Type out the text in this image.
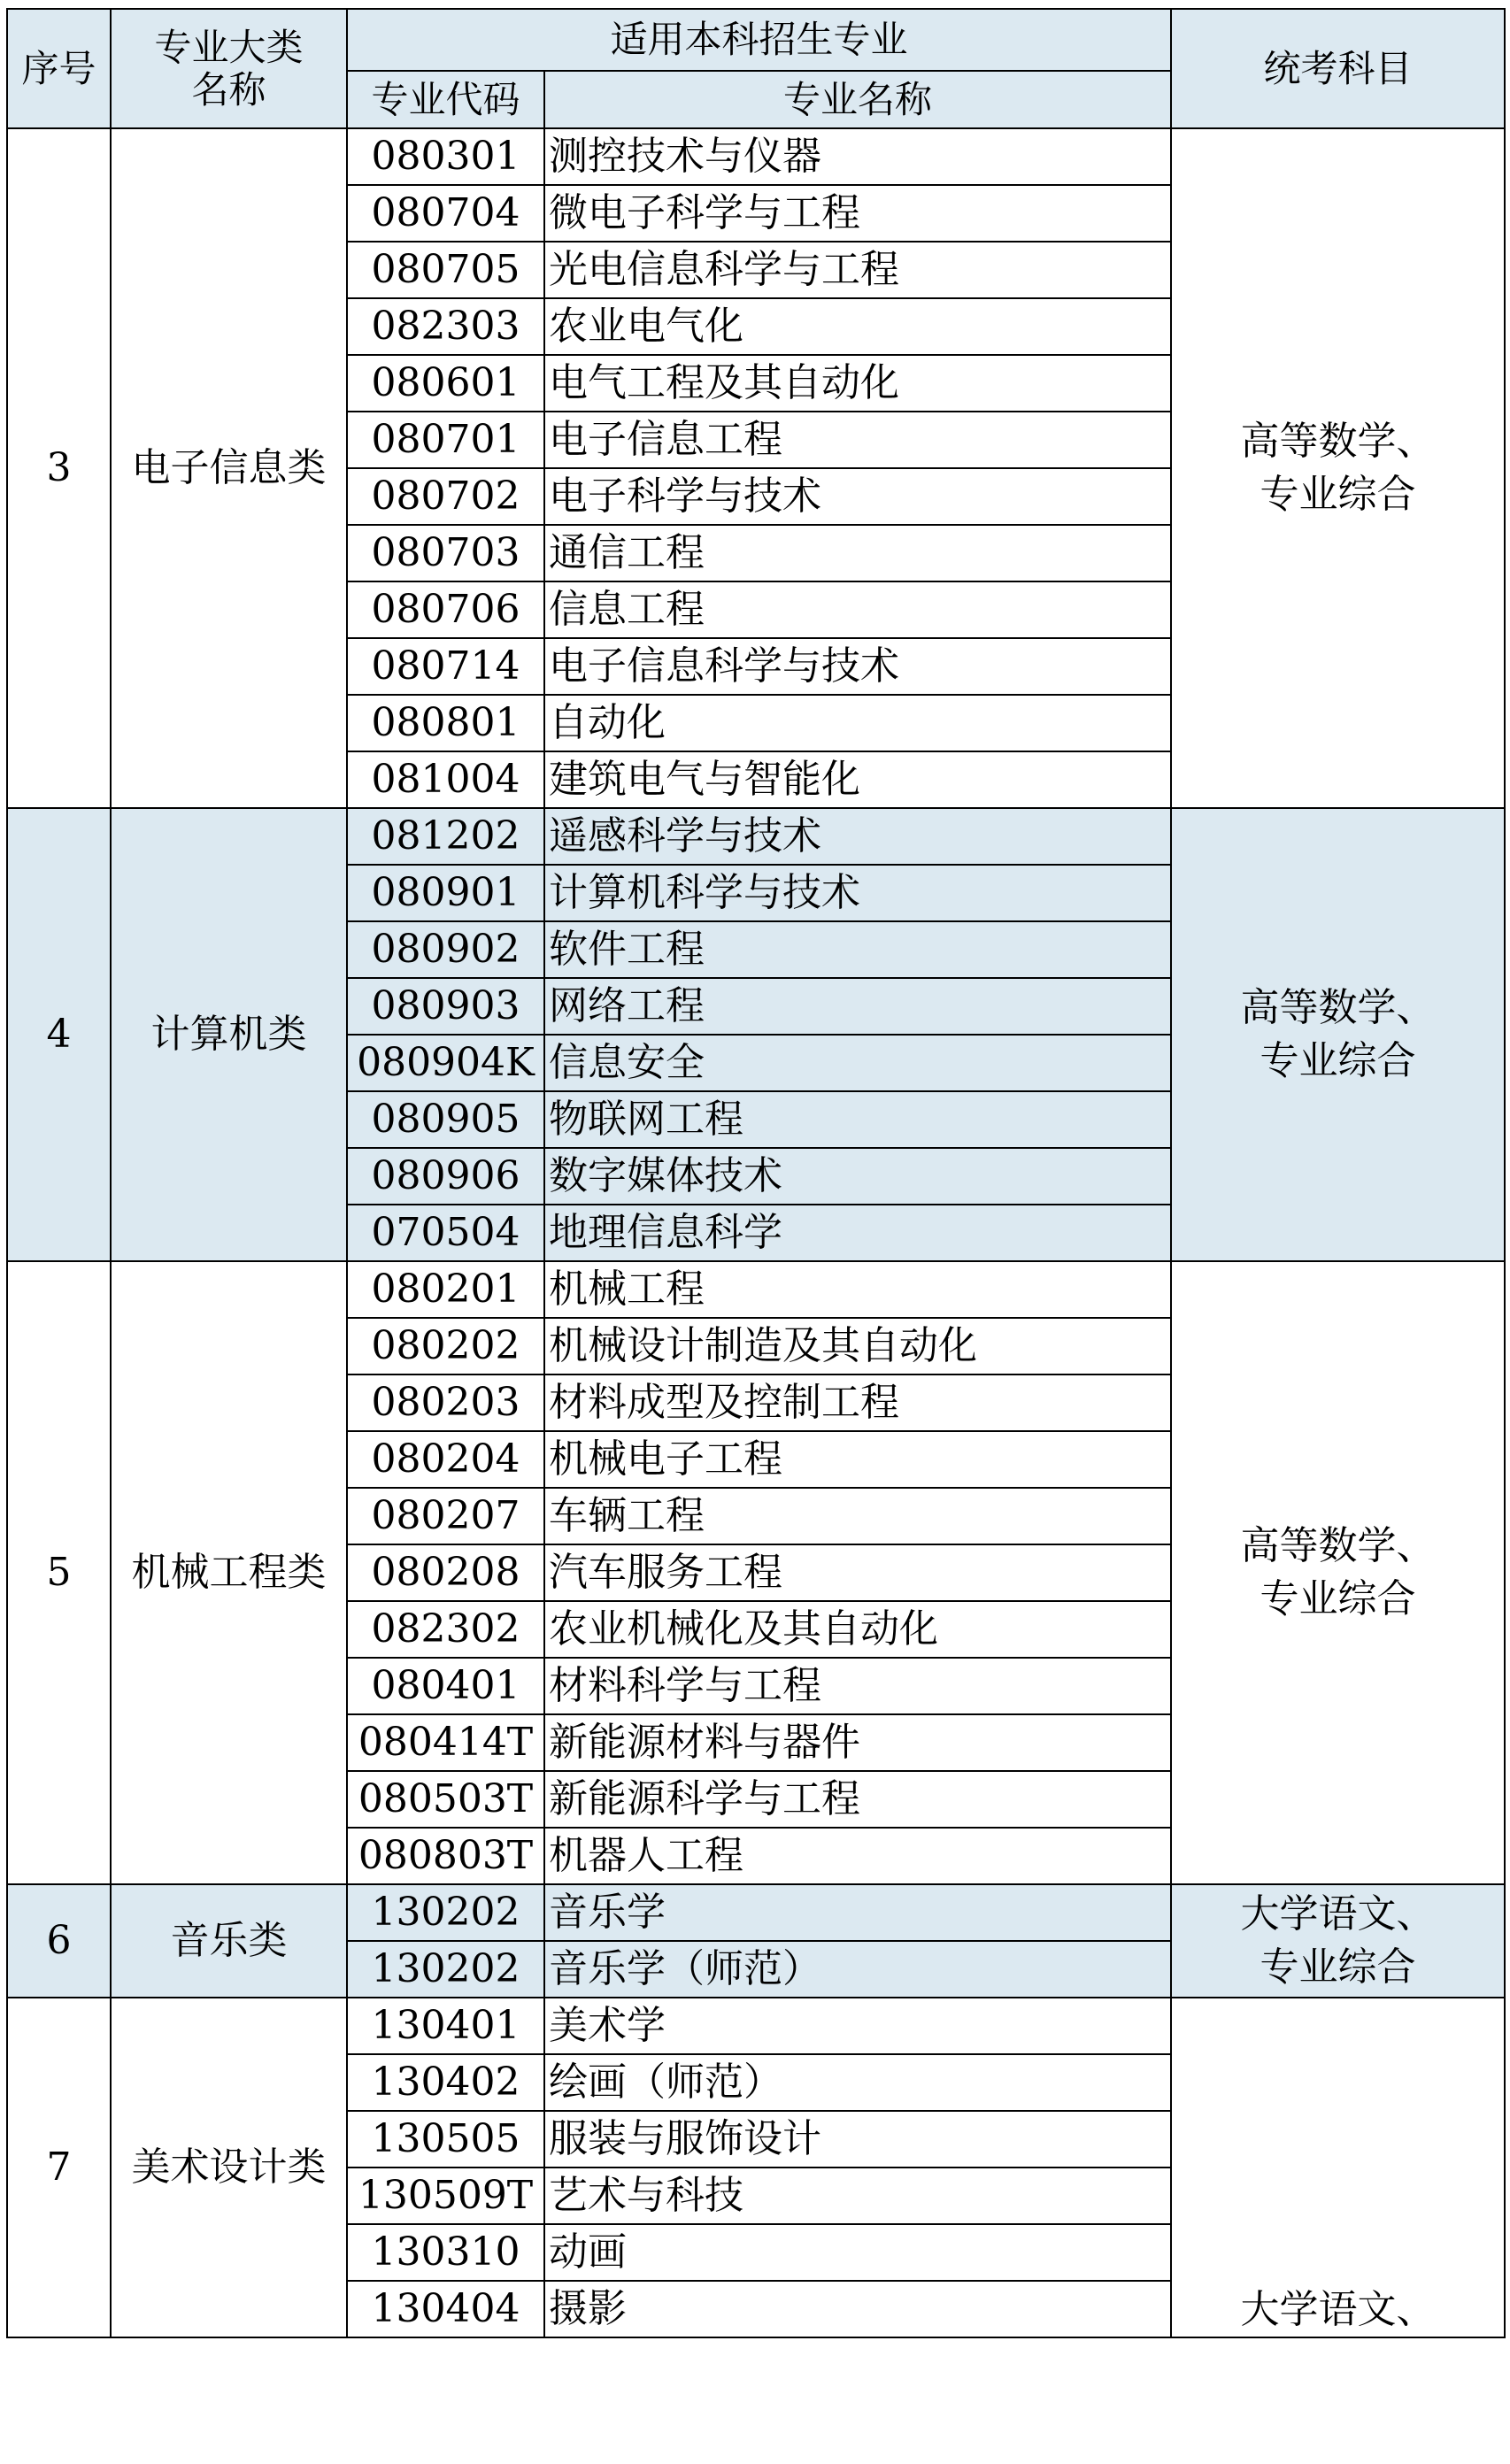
序号	专业大类名称	适用本科招生专业		统考科目
		专业代码	专业名称	
3	电子信息类	080301	测控技术与仪器	高等数学、专业综合
		080704	微电子科学与工程	
		080705	光电信息科学与工程	
		082303	农业电气化	
		080601	电气工程及其自动化	
		080701	电子信息工程	
		080702	电子科学与技术	
		080703	通信工程	
		080706	信息工程	
		080714	电子信息科学与技术	
		080801	自动化	
		081004	建筑电气与智能化	
4	计算机类	081202	遥感科学与技术	高等数学、专业综合
		080901	计算机科学与技术	
		080902	软件工程	
		080903	网络工程	
		080904K	信息安全	
		080905	物联网工程	
		080906	数字媒体技术	
		070504	地理信息科学	
5	机械工程类	080201	机械工程	高等数学、专业综合
		080202	机械设计制造及其自动化	
		080203	材料成型及控制工程	
		080204	机械电子工程	
		080207	车辆工程	
		080208	汽车服务工程	
		082302	农业机械化及其自动化	
		080401	材料科学与工程	
		080414T	新能源材料与器件	
		080503T	新能源科学与工程	
		080803T	机器人工程	
6	音乐类	130202	音乐学	大学语文、专业综合
		130202	音乐学（师范）	
7	美术设计类	130401	美术学	大学语文、
		130402	绘画（师范）	
		130505	服装与服饰设计	
		130509T	艺术与科技	
		130310	动画	
		130404	摄影	
